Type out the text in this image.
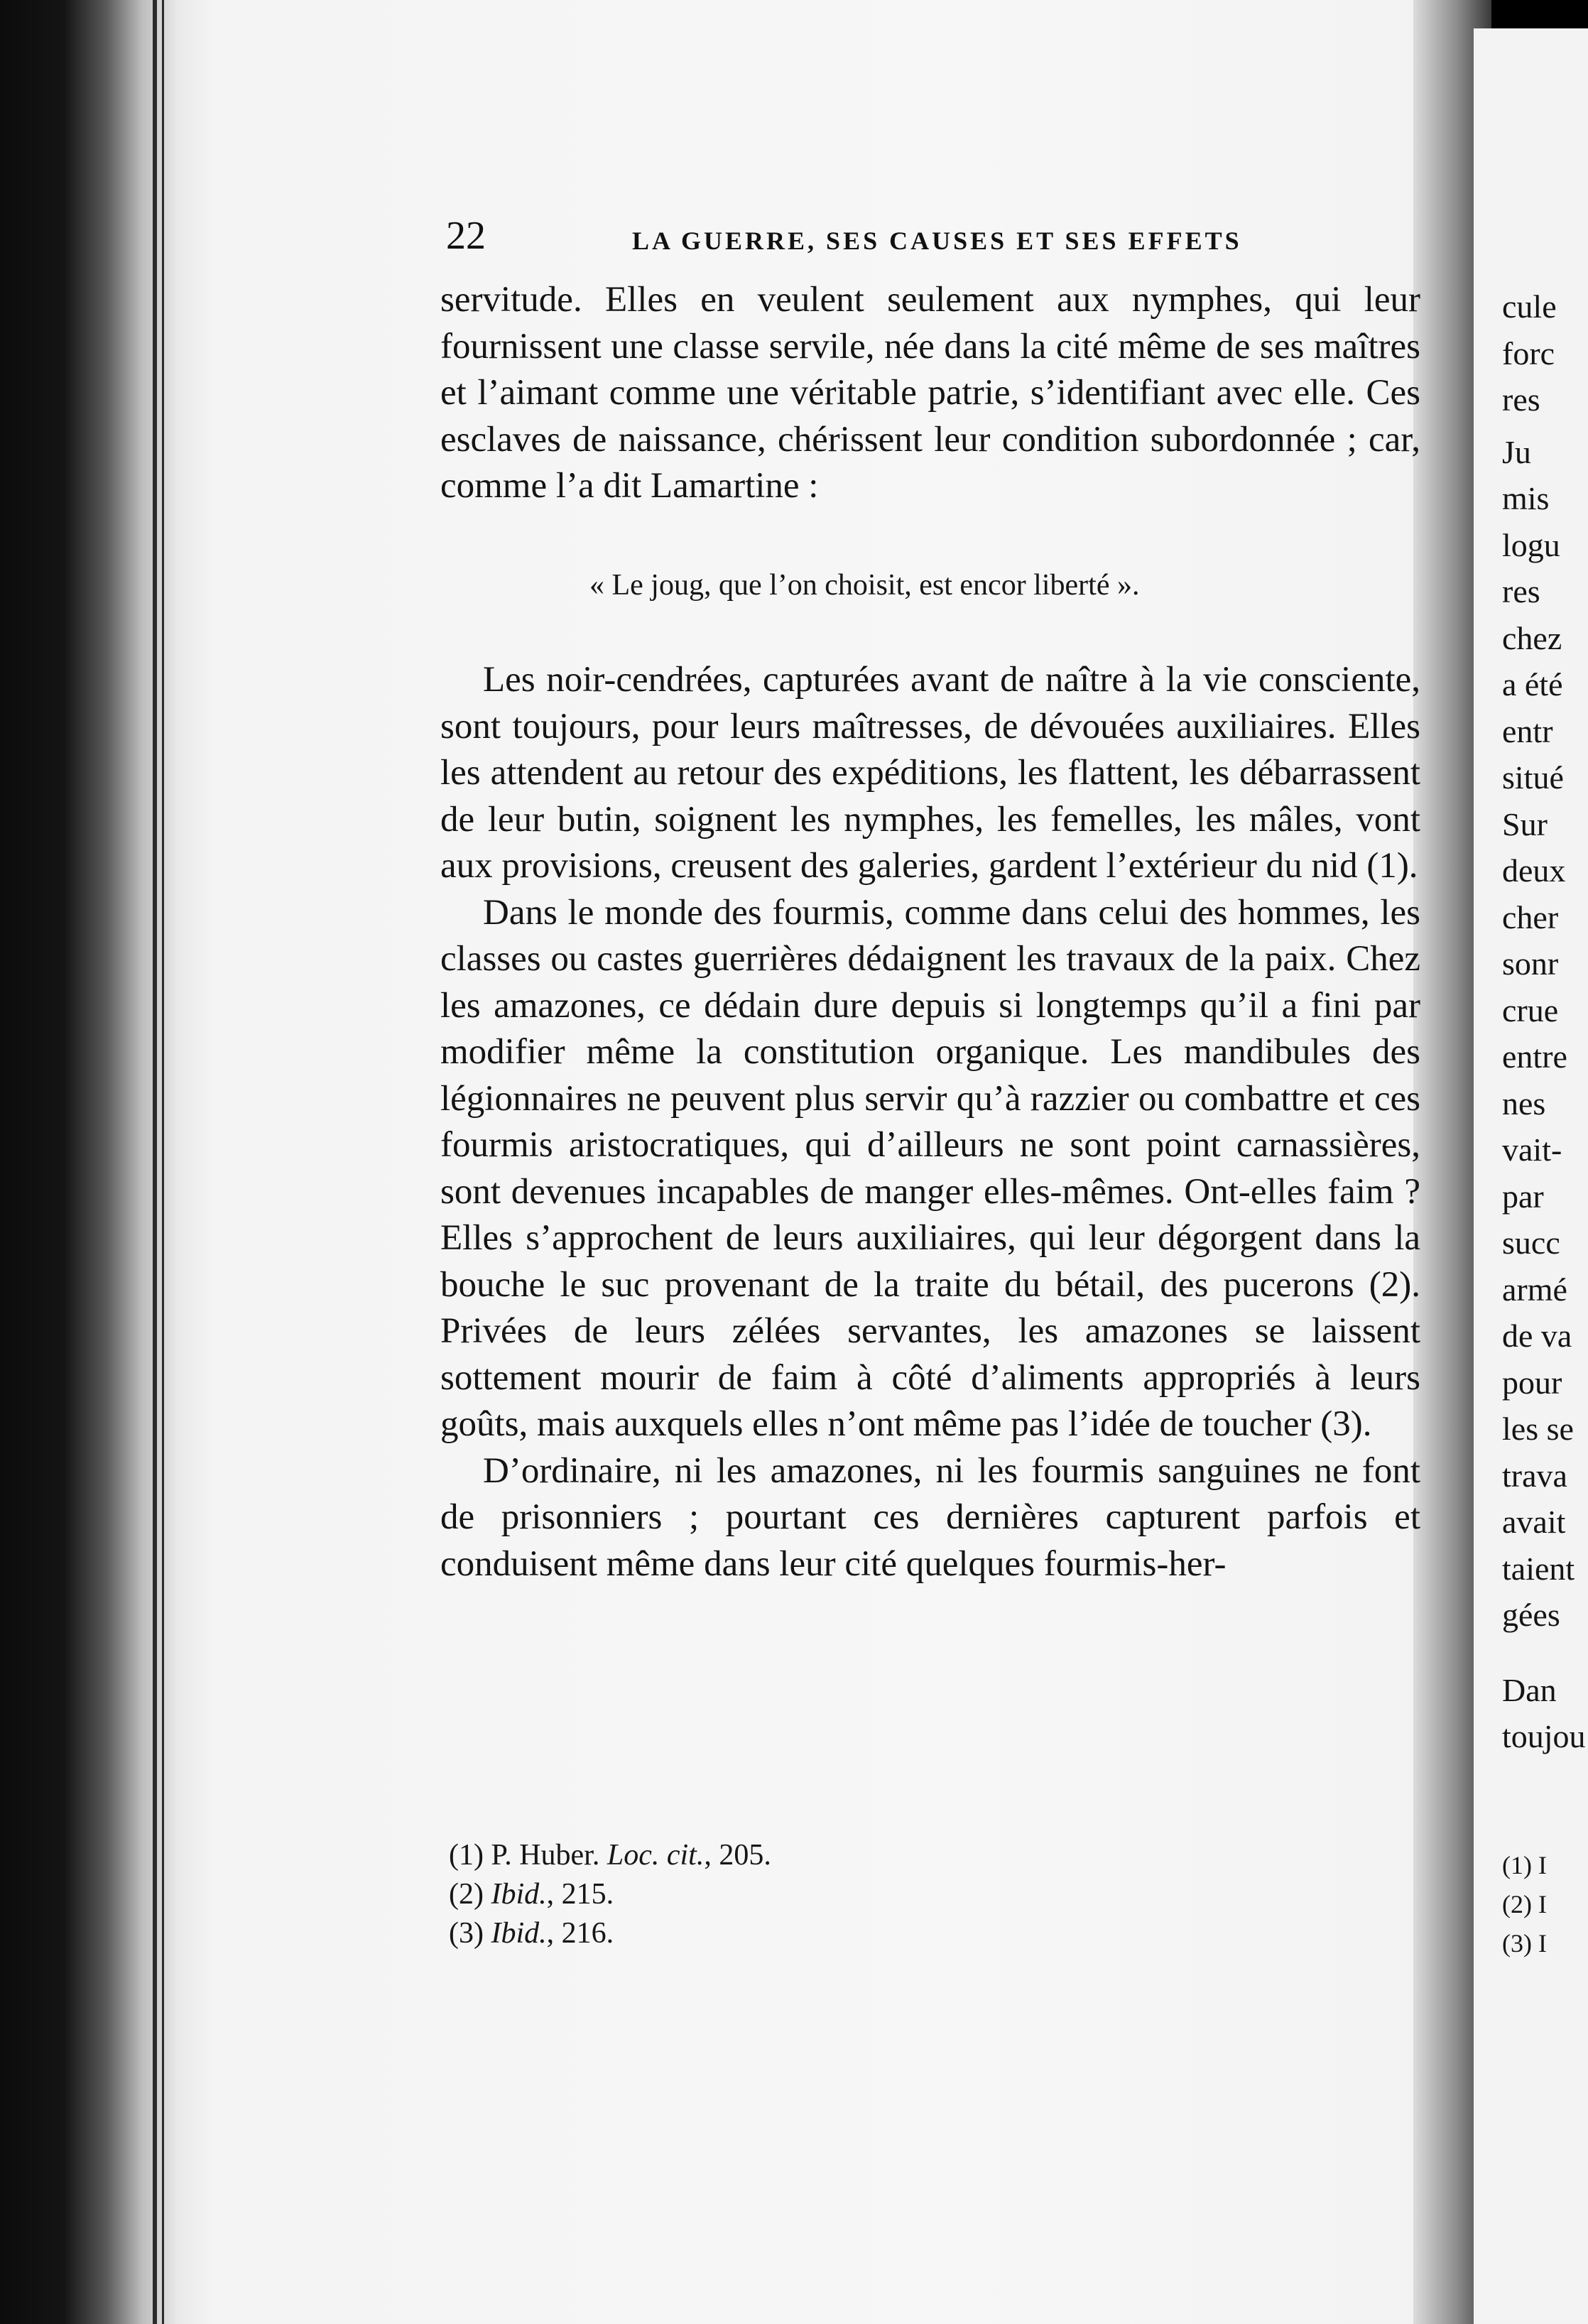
cule
forc
res
Ju
mis
logu
res
chez
a été
entr
situé
Sur
deux
cher
sonr
crue
entre
nes
vait-
par
succ
armé
de va
pour
les se
trava
avait
taient
gées
Dan
toujou
(1) I
(2) I
(3) I
22	LA GUERRE, SES CAUSES ET SES EFFETS

servitude. Elles en veulent seulement aux nymphes, qui leur fournissent une classe servile, née dans la cité même de ses maîtres et l’aimant comme une véritable patrie, s’identifiant avec elle. Ces esclaves de naissance, chérissent leur condition subordonnée ; car, comme l’a dit Lamartine :

« Le joug, que l’on choisit, est encor liberté ».

Les noir-cendrées, capturées avant de naître à la vie consciente, sont toujours, pour leurs maîtresses, de dévouées auxiliaires. Elles les attendent au retour des expéditions, les flattent, les débarrassent de leur butin, soignent les nymphes, les femelles, les mâles, vont aux provisions, creusent des galeries, gardent l’extérieur du nid (1).

Dans le monde des fourmis, comme dans celui des hommes, les classes ou castes guerrières dédaignent les travaux de la paix. Chez les amazones, ce dédain dure depuis si longtemps qu’il a fini par modifier même la constitution organique. Les mandibules des légionnaires ne peuvent plus servir qu’à razzier ou combattre et ces fourmis aristocratiques, qui d’ailleurs ne sont point carnassières, sont devenues incapables de manger elles-mêmes. Ont-elles faim ? Elles s’approchent de leurs auxiliaires, qui leur dégorgent dans la bouche le suc provenant de la traite du bétail, des pucerons (2). Privées de leurs zélées servantes, les amazones se laissent sottement mourir de faim à côté d’aliments appropriés à leurs goûts, mais auxquels elles n’ont même pas l’idée de toucher (3).

D’ordinaire, ni les amazones, ni les fourmis sanguines ne font de prisonniers ; pourtant ces dernières capturent parfois et conduisent même dans leur cité quelques fourmis-her-

(1) P. Huber. Loc. cit., 205.
(2) Ibid., 215.
(3) Ibid., 216.
